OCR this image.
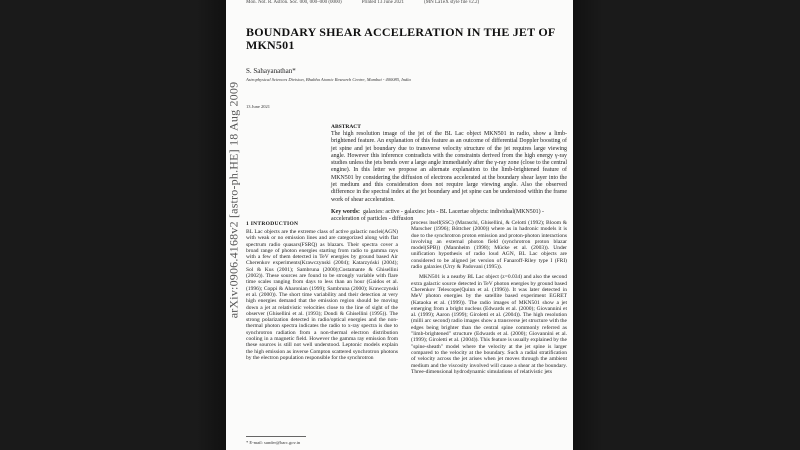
Mon. Not. R. Astron. Soc. 000, 000–000 (0000)	Printed 13 June 2021	(MN LaTeX style file v2.2)
arXiv:0906.4168v2 [astro-ph.HE] 18 Aug 2009
BOUNDARY SHEAR ACCELERATION IN THE JET OF MKN501
S. Sahayanathan*
Astrophysical Sciences Division, Bhabha Atomic Research Centre, Mumbai - 400085, India
13 June 2021
ABSTRACT
The high resolution image of the jet of the BL Lac object MKN501 in radio, show a limb-brightened feature. An explanation of this feature as an outcome of differential Doppler boosting of jet spine and jet boundary due to transverse velocity structure of the jet requires large viewing angle. However this inference contradicts with the constraints derived from the high energy γ-ray studies unless the jets bends over a large angle immediately after the γ-ray zone (close to the central engine). In this letter we propose an alternate explanation to the limb-brightened feature of MKN501 by considering the diffusion of electrons accelerated at the boundary shear layer into the jet medium and this consideration does not require large viewing angle. Also the observed difference in the spectral index at the jet boundary and jet spine can be understood within the frame work of shear acceleration.
Key words: galaxies: active - galaxies: jets - BL Lacertae objects: individual(MKN501) - acceleration of particles - diffusion
1 INTRODUCTION

BL Lac objects are the extreme class of active galactic nuclei(AGN) with weak or no emission lines and are categorized along with flat spectrum radio quasars(FSRQ) as blazars. Their spectra cover a broad range of photon energies starting from radio to gamma rays with a few of them detected in TeV energies by ground based Air Cherenkov experiments(Krawczynski (2004); Katarzyński (2004); Sol & Kus (2001); Sambruna (2000);Costamante & Ghisellini (2002)). These sources are found to be strongly variable with flare time scales ranging from days to less than an hour (Gaidos et al. (1996); Coppi & Aharonian (1999); Sambruna (2000); Krawczynski et al. (2000)). The short time variability and their detection at very high energies demand that the emission region should be moving down a jet at relativistic velocities close to the line of sight of the observer (Ghisellini et al. (1993); Dondi & Ghisellini (1995)). The strong polarization detected in radio/optical energies and the non-thermal photon spectra indicates the radio to x-ray spectra is due to synchrotron radiation from a non-thermal electron distribution cooling in a magnetic field. However the gamma ray emission from these sources is still not well understood. Leptonic models explain the high emission as inverse Compton scattered synchrotron photons by the electron population responsible for the synchrotron

process itself(SSC) (Maraschi, Ghisellini, & Celotti (1992); Bloom & Marscher (1996); Böttcher (2000)) where as in hadronic models it is due to the synchrotron proton emission and proton-photon interactions involving an external photon field (synchrotron proton blazar model(SPB)) (Mannheim (1998); Mücke et al. (2003)). Under unification hypothesis of radio loud AGN, BL Lac objects are considered to be aligned jet version of Fanaroff-Riley type I (FRI) radio galaxies (Urry & Padovani (1995)).

MKN501 is a nearby BL Lac object (z=0.034) and also the second extra galactic source detected in TeV photon energies by ground based Cherenkov Telescope(Quinn et al. (1996)). It was later detected in MeV photon energies by the satellite based experiment EGRET (Kataoka et al. (1999)). The radio images of MKN501 show a jet emerging from a bright nucleus (Edwards et al. (2000); Giovannini et al. (1999); Aaron (1999); Giroletti et al. (2004)). The high resolution (milli arc second) radio images show a transverse jet structure with the edges being brighter than the central spine commonly referred as "limb-brightened" structure (Edwards et al. (2000); Giovannini et al. (1999); Giroletti et al. (2004)). This feature is usually explained by the "spine-sheath" model where the velocity at the jet spine is larger compared to the velocity at the boundary. Such a radial stratification of velocity across the jet arises when jet moves through the ambient medium and the viscosity involved will cause a shear at the boundary. Three-dimensional hydrodynamic simulations of relativistic jets

* E-mail: sunder@barc.gov.in
